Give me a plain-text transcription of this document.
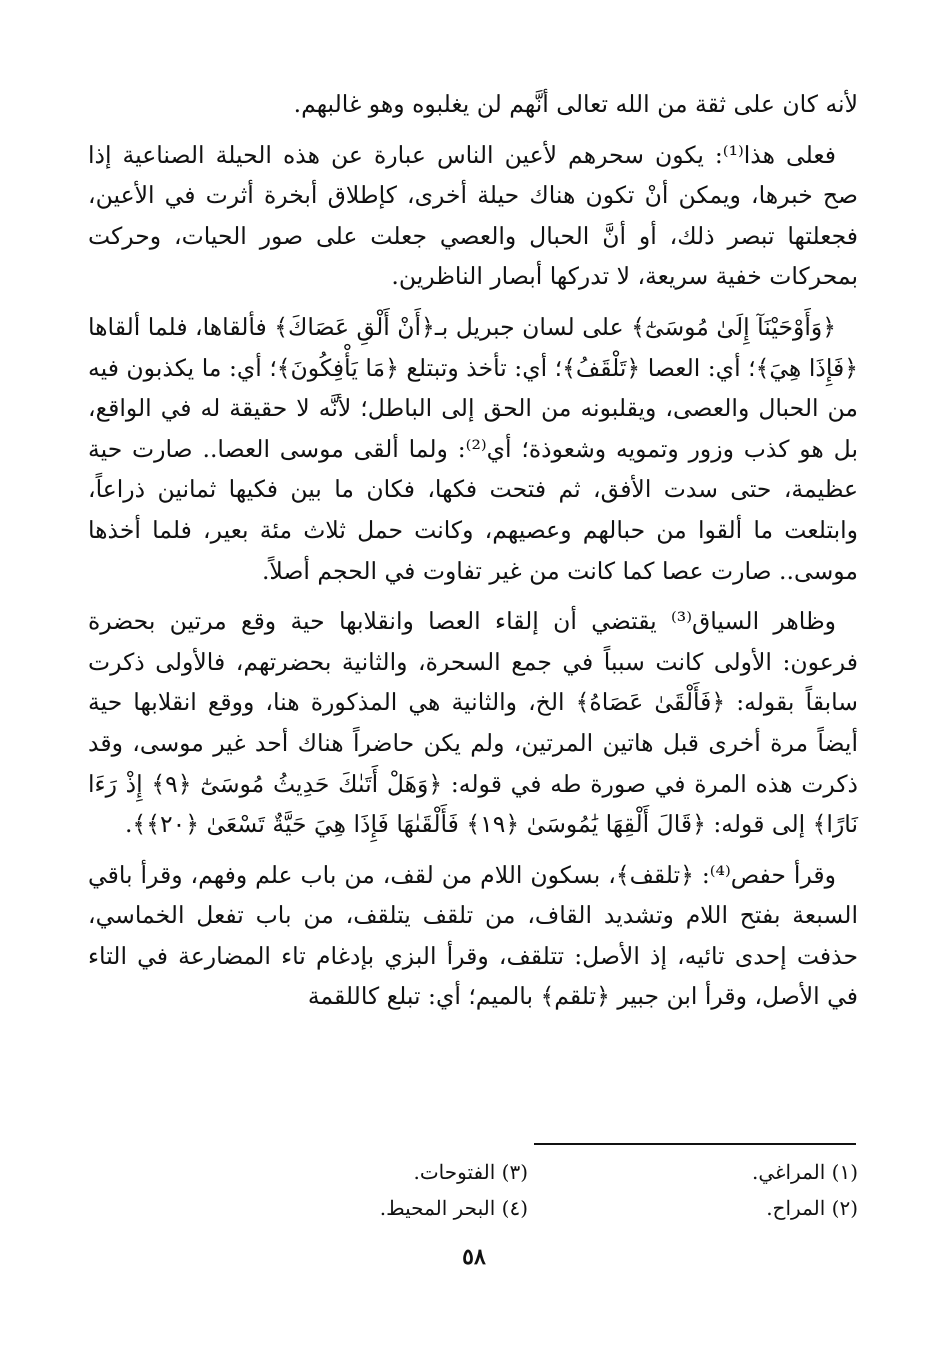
لأنه كان على ثقة من الله تعالى أنَّهم لن يغلبوه وهو غالبهم.

فعلى هذا⁽¹⁾: يكون سحرهم لأعين الناس عبارة عن هذه الحيلة الصناعية إذا صح خبرها، ويمكن أنْ تكون هناك حيلة أخرى، كإطلاق أبخرة أثرت في الأعين، فجعلتها تبصر ذلك، أو أنَّ الحبال والعصي جعلت على صور الحيات، وحركت بمحركات خفية سريعة، لا تدركها أبصار الناظرين.

﴿وَأَوْحَيْنَآ إِلَىٰ مُوسَىٰٓ﴾ على لسان جبريل بـ﴿أَنْ أَلْقِ عَصَاكَ﴾ فألقاها، فلما ألقاها ﴿فَإِذَا هِيَ﴾؛ أي: العصا ﴿تَلْقَفُ﴾؛ أي: تأخذ وتبتلع ﴿مَا يَأْفِكُونَ﴾؛ أي: ما يكذبون فيه من الحبال والعصى، ويقلبونه من الحق إلى الباطل؛ لأنَّه لا حقيقة له في الواقع، بل هو كذب وزور وتمويه وشعوذة؛ أي⁽²⁾: ولما ألقى موسى العصا.. صارت حية عظيمة، حتى سدت الأفق، ثم فتحت فكها، فكان ما بين فكيها ثمانين ذراعاً، وابتلعت ما ألقوا من حبالهم وعصيهم، وكانت حمل ثلاث مئة بعير، فلما أخذها موسى.. صارت عصا كما كانت من غير تفاوت في الحجم أصلاً.

وظاهر السياق⁽³⁾ يقتضي أن إلقاء العصا وانقلابها حية وقع مرتين بحضرة فرعون: الأولى كانت سبباً في جمع السحرة، والثانية بحضرتهم، فالأولى ذكرت سابقاً بقوله: ﴿فَأَلْقَىٰ عَصَاهُ﴾ الخ، والثانية هي المذكورة هنا، ووقع انقلابها حية أيضاً مرة أخرى قبل هاتين المرتين، ولم يكن حاضراً هناك أحد غير موسى، وقد ذكرت هذه المرة في صورة طه في قوله: ﴿وَهَلْ أَتَىٰكَ حَدِيثُ مُوسَىٰٓ ﴿٩﴾ إِذْ رَءَا نَارًا﴾ إلى قوله: ﴿قَالَ أَلْقِهَا يَٰمُوسَىٰ ﴿١٩﴾ فَأَلْقَىٰهَا فَإِذَا هِيَ حَيَّةٌ تَسْعَىٰ ﴿٢٠﴾﴾.

وقرأ حفص⁽⁴⁾: ﴿تلقف﴾، بسكون اللام من لقف، من باب علم وفهم، وقرأ باقي السبعة بفتح اللام وتشديد القاف، من تلقف يتلقف، من باب تفعل الخماسي، حذفت إحدى تائيه، إذ الأصل: تتلقف، وقرأ البزي بإدغام تاء المضارعة في التاء في الأصل، وقرأ ابن جبير ﴿تلقم﴾ بالميم؛ أي: تبلع كاللقمة

(١) المراغي.

(٢) المراح.

(٣) الفتوحات.

(٤) البحر المحيط.

٥٨
